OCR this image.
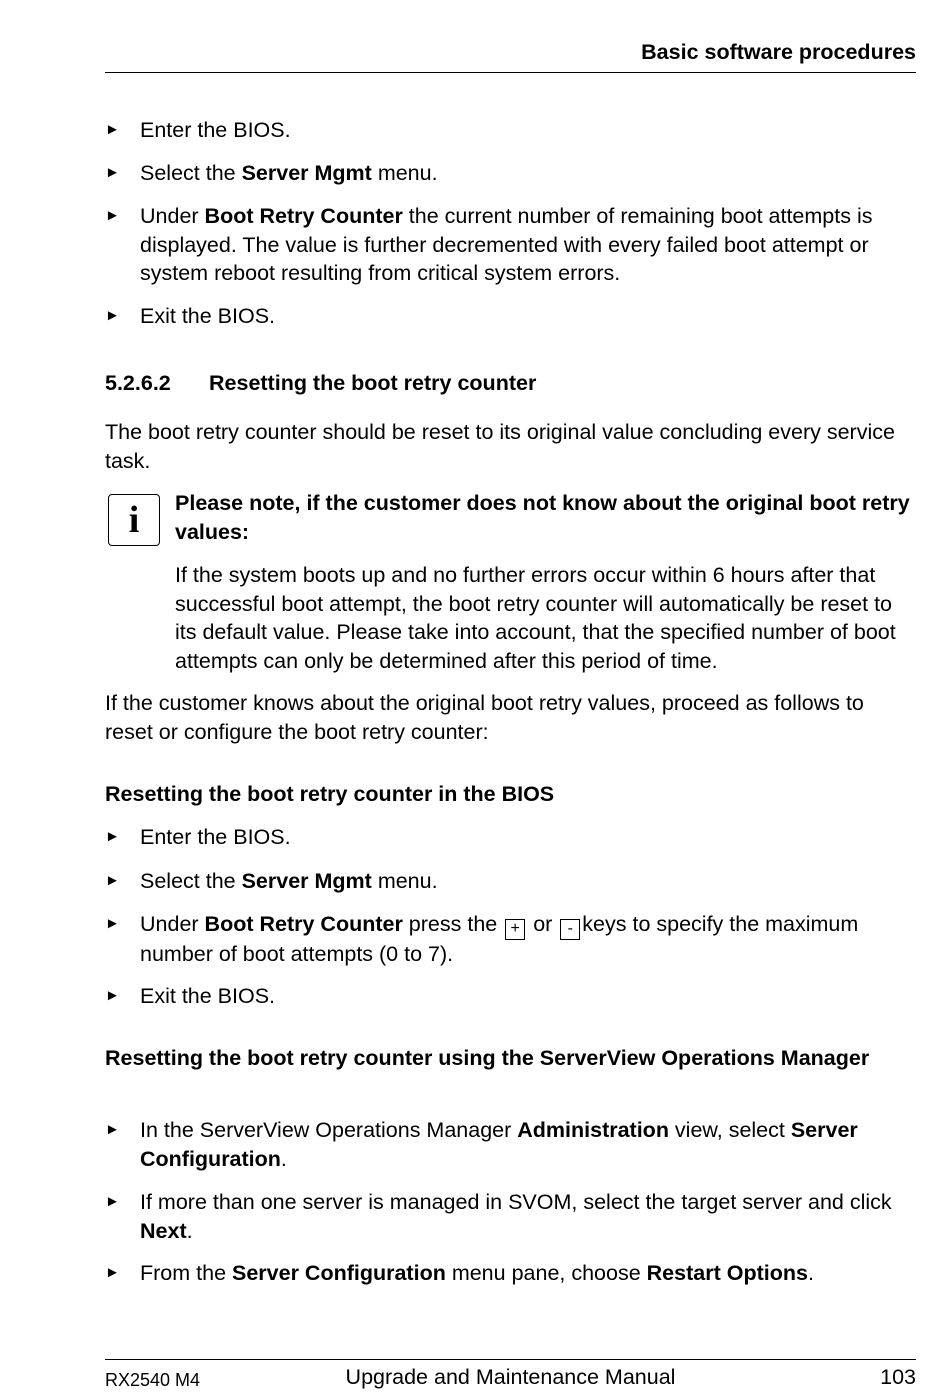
Basic software procedures
► Enter the BIOS.
► Select the Server Mgmt menu.
► Under Boot Retry Counter the current number of remaining boot attempts is displayed. The value is further decremented with every failed boot attempt or system reboot resulting from critical system errors.
► Exit the BIOS.
5.2.6.2 Resetting the boot retry counter
The boot retry counter should be reset to its original value concluding every service task.
i	Please note, if the customer does not know about the original boot retry values:
If the system boots up and no further errors occur within 6 hours after that successful boot attempt, the boot retry counter will automatically be reset to its default value. Please take into account, that the specified number of boot attempts can only be determined after this period of time.
If the customer knows about the original boot retry values, proceed as follows to reset or configure the boot retry counter:
Resetting the boot retry counter in the BIOS
► Enter the BIOS.
► Select the Server Mgmt menu.
► Under Boot Retry Counter press the + or - keys to specify the maximum number of boot attempts (0 to 7).
► Exit the BIOS.
Resetting the boot retry counter using the ServerView Operations Manager
► In the ServerView Operations Manager Administration view, select Server Configuration.
► If more than one server is managed in SVOM, select the target server and click Next.
► From the Server Configuration menu pane, choose Restart Options.
RX2540 M4	Upgrade and Maintenance Manual	103
